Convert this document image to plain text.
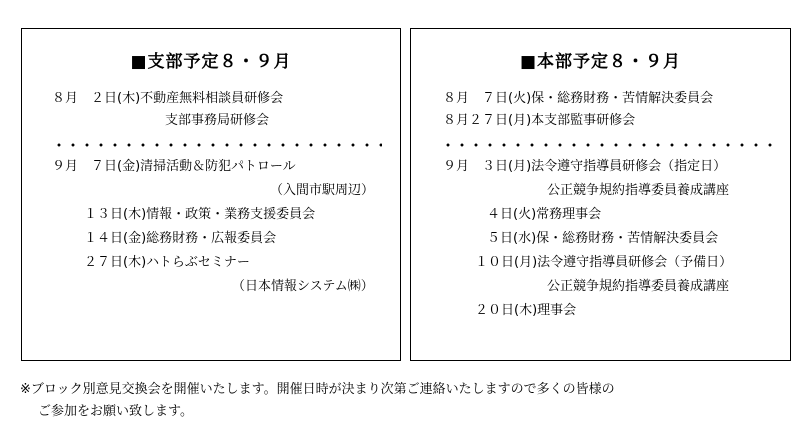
■支部予定８・９月
８月　２日(木)不動産無料相談員研修会
支部事務局研修会
９月　７日(金)清掃活動＆防犯パトロール
（入間市駅周辺）
１３日(木)情報・政策・業務支援委員会
１４日(金)総務財務・広報委員会
２７日(木)ハトらぶセミナー
（日本情報システム㈱）
■本部予定８・９月
８月　７日(火)保・総務財務・苦情解決委員会
８月２７日(月)本支部監事研修会
９月　３日(月)法令遵守指導員研修会（指定日）
公正競争規約指導委員養成講座
４日(火)常務理事会
５日(水)保・総務財務・苦情解決委員会
１０日(月)法令遵守指導員研修会（予備日）
公正競争規約指導委員養成講座
２０日(木)理事会
※ブロック別意見交換会を開催いたします。開催日時が決まり次第ご連絡いたしますので多くの皆様の
ご参加をお願い致します。
